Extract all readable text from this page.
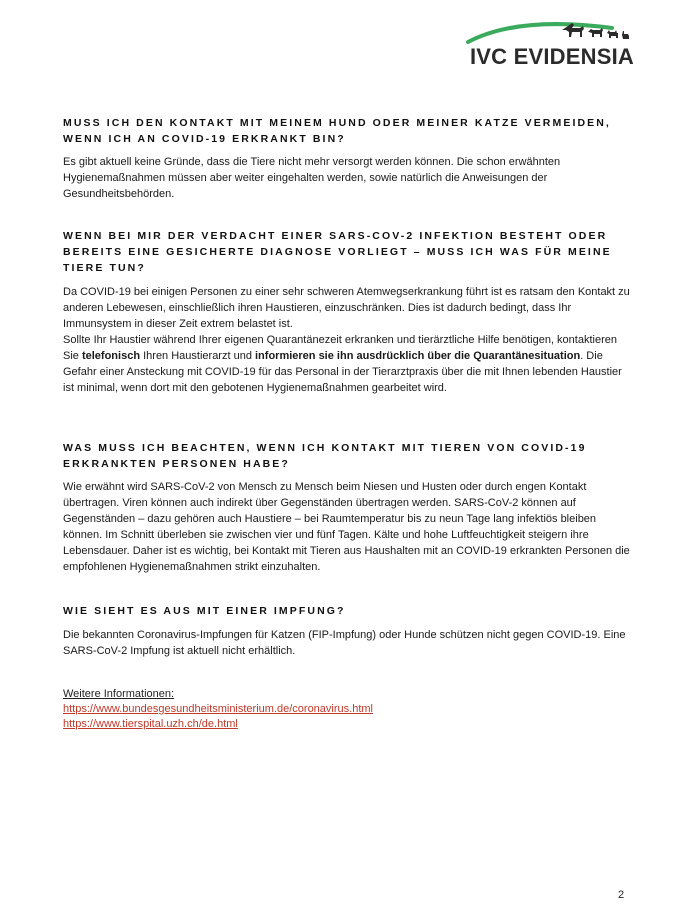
IVC EVIDENSIA
MUSS ICH DEN KONTAKT MIT MEINEM HUND ODER MEINER KATZE VERMEIDEN, WENN ICH AN COVID-19 ERKRANKT BIN?

Es gibt aktuell keine Gründe, dass die Tiere nicht mehr versorgt werden können. Die schon erwähnten Hygienemaßnahmen müssen aber weiter eingehalten werden, sowie natürlich die Anweisungen der Gesundheitsbehörden.

WENN BEI MIR DER VERDACHT EINER SARS-COV-2 INFEKTION BESTEHT ODER BEREITS EINE GESICHERTE DIAGNOSE VORLIEGT – MUSS ICH WAS FÜR MEINE TIERE TUN?

Da COVID-19 bei einigen Personen zu einer sehr schweren Atemwegserkrankung führt ist es ratsam den Kontakt zu anderen Lebewesen, einschließlich ihren Haustieren, einzuschränken. Dies ist dadurch bedingt, dass Ihr Immunsystem in dieser Zeit extrem belastet ist.

Sollte Ihr Haustier während Ihrer eigenen Quarantänezeit erkranken und tierärztliche Hilfe benötigen, kontaktieren Sie telefonisch Ihren Haustierarzt und informieren sie ihn ausdrücklich über die Quarantänesituation. Die Gefahr einer Ansteckung mit COVID-19 für das Personal in der Tierarztpraxis über die mit Ihnen lebenden Haustier ist minimal, wenn dort mit den gebotenen Hygienemaßnahmen gearbeitet wird.

WAS MUSS ICH BEACHTEN, WENN ICH KONTAKT MIT TIEREN VON COVID-19 ERKRANKTEN PERSONEN HABE?

Wie erwähnt wird SARS-CoV-2 von Mensch zu Mensch beim Niesen und Husten oder durch engen Kontakt übertragen. Viren können auch indirekt über Gegenständen übertragen werden. SARS-CoV-2 können auf Gegenständen – dazu gehören auch Haustiere – bei Raumtemperatur bis zu neun Tage lang infektiös bleiben können. Im Schnitt überleben sie zwischen vier und fünf Tagen. Kälte und hohe Luftfeuchtigkeit steigern ihre Lebensdauer. Daher ist es wichtig, bei Kontakt mit Tieren aus Haushalten mit an COVID-19 erkrankten Personen die empfohlenen Hygienemaßnahmen strikt einzuhalten.

WIE SIEHT ES AUS MIT EINER IMPFUNG?

Die bekannten Coronavirus-Impfungen für Katzen (FIP-Impfung) oder Hunde schützen nicht gegen COVID-19. Eine SARS-CoV-2 Impfung ist aktuell nicht erhältlich.

Weitere Informationen:
https://www.bundesgesundheitsministerium.de/coronavirus.html
https://www.tierspital.uzh.ch/de.html
2
